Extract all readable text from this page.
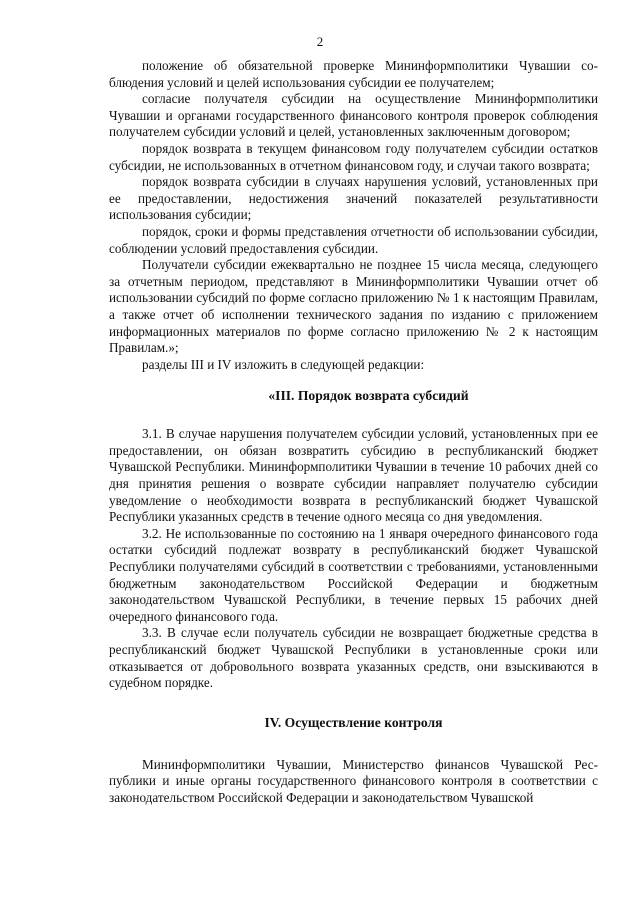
2

положение об обязательной проверке Мининформполитики Чувашии соблюдения условий и целей использования субсидии ее получателем;

согласие получателя субсидии на осуществление Мининформполитики Чувашии и органами государственного финансового контроля проверок соблюдения получателем субсидии условий и целей, установленных заключенным договором;

порядок возврата в текущем финансовом году получателем субсидии остатков субсидии, не использованных в отчетном финансовом году, и случаи такого возврата;

порядок возврата субсидии в случаях нарушения условий, установленных при ее предоставлении, недостижения значений показателей результативности использования субсидии;

порядок, сроки и формы представления отчетности об использовании субсидии, соблюдении условий предоставления субсидии.

Получатели субсидии ежеквартально не позднее 15 числа месяца, следующего за отчетным периодом, представляют в Мининформполитики Чувашии отчет об использовании субсидий по форме согласно приложению № 1 к настоящим Правилам, а также отчет об исполнении технического задания по изданию с приложением информационных материалов по форме согласно приложению № 2 к настоящим Правилам.»;

разделы III и IV изложить в следующей редакции:

«III. Порядок возврата субсидий

3.1. В случае нарушения получателем субсидии условий, установленных при ее предоставлении, он обязан возвратить субсидию в республиканский бюджет Чувашской Республики. Мининформполитики Чувашии в течение 10 рабочих дней со дня принятия решения о возврате субсидии направляет получателю субсидии уведомление о необходимости возврата в республиканский бюджет Чувашской Республики указанных средств в течение одного месяца со дня уведомления.

3.2. Не использованные по состоянию на 1 января очередного финансового года остатки субсидий подлежат возврату в республиканский бюджет Чувашской Республики получателями субсидий в соответствии с требованиями, установленными бюджетным законодательством Российской Федерации и бюджетным законодательством Чувашской Республики, в течение первых 15 рабочих дней очередного финансового года.

3.3. В случае если получатель субсидии не возвращает бюджетные средства в республиканский бюджет Чувашской Республики в установленные сроки или отказывается от добровольного возврата указанных средств, они взыскиваются в судебном порядке.

IV. Осуществление контроля

Мининформполитики Чувашии, Министерство финансов Чувашской Республики и иные органы государственного финансового контроля в соответствии с законодательством Российской Федерации и законодательством Чувашской
